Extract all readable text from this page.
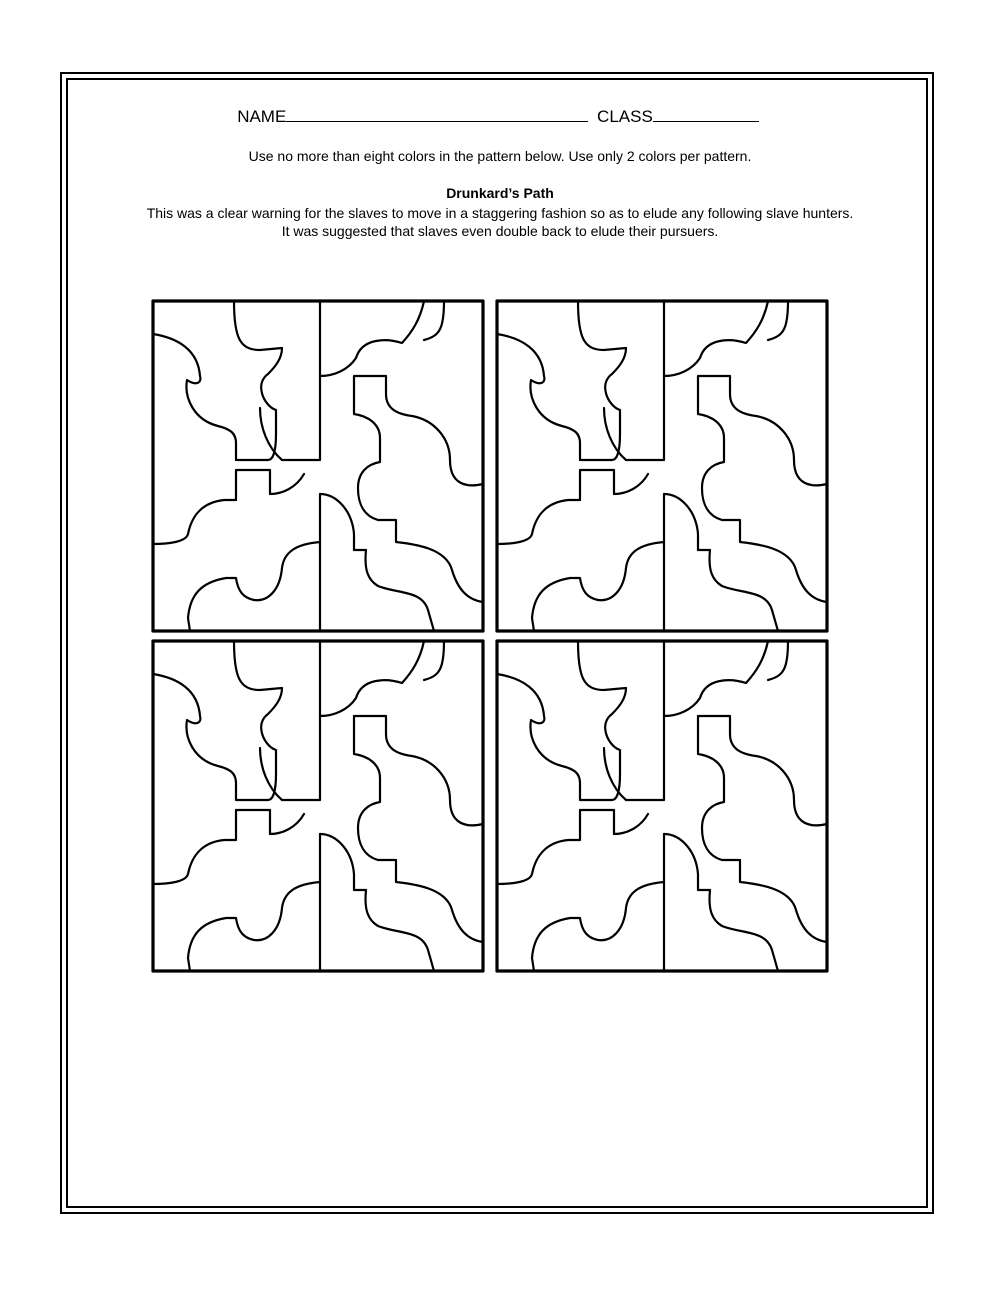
NAME	CLASS
Use no more than eight colors in the pattern below. Use only 2 colors per pattern.
Drunkard’s Path
This was a clear warning for the slaves to move in a staggering fashion so as to elude any following slave hunters.
It was suggested that slaves even double back to elude their pursuers.
